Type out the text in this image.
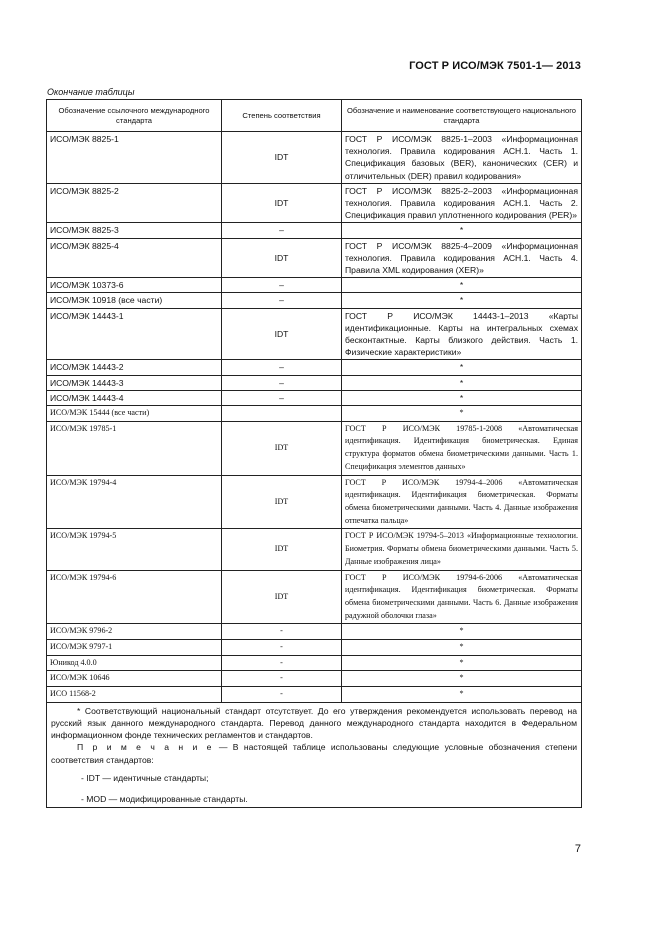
ГОСТ Р ИСО/МЭК 7501-1— 2013
Окончание таблицы
Обозначение ссылочного международного стандарта	Степень соответствия	Обозначение и наименование соответствующего национального стандарта
ИСО/МЭК 8825-1	IDT	ГОСТ Р ИСО/МЭК 8825-1–2003 «Информационная технология. Правила кодирования АСН.1. Часть 1. Спецификация базовых (BER), канонических (CER) и отличительных (DER) правил кодирования»
ИСО/МЭК 8825-2	IDT	ГОСТ Р ИСО/МЭК 8825-2–2003 «Информационная технология. Правила кодирования АСН.1. Часть 2. Спецификация правил уплотненного кодирования (PER)»
ИСО/МЭК 8825-3	–	*
ИСО/МЭК 8825-4	IDT	ГОСТ Р ИСО/МЭК 8825-4–2009 «Информационная технология. Правила кодирования АСН.1. Часть 4. Правила XML кодирования (XER)»
ИСО/МЭК 10373-6	–	*
ИСО/МЭК 10918 (все части)	–	*
ИСО/МЭК 14443-1	IDT	ГОСТ Р ИСО/МЭК 14443-1–2013 «Карты идентификационные. Карты на интегральных схемах бесконтактные. Карты близкого действия. Часть 1. Физические характеристики»
ИСО/МЭК 14443-2	–	*
ИСО/МЭК 14443-3	–	*
ИСО/МЭК 14443-4	–	*
ИСО/МЭК 15444 (все части)		*
ИСО/МЭК 19785-1	IDT	ГОСТ Р ИСО/МЭК 19785-1-2008 «Автоматическая идентификация. Идентификация биометрическая. Единая структура форматов обмена биометрическими данными. Часть 1. Спецификация элементов данных»
ИСО/МЭК 19794-4	IDT	ГОСТ Р ИСО/МЭК 19794-4–2006 «Автоматическая идентификация. Идентификация биометрическая. Форматы обмена биометрическими данными. Часть 4. Данные изображения отпечатка пальца»
ИСО/МЭК 19794-5	IDT	ГОСТ Р ИСО/МЭК 19794-5–2013 «Информационные технологии. Биометрия. Форматы обмена биометрическими данными. Часть 5. Данные изображения лица»
ИСО/МЭК 19794-6	IDT	ГОСТ Р ИСО/МЭК 19794-6-2006 «Автоматическая идентификация. Идентификация биометрическая. Форматы обмена биометрическими данными. Часть 6. Данные изображения радужной оболочки глаза»
ИСО/МЭК 9796-2	-	*
ИСО/МЭК 9797-1	-	*
Юникод 4.0.0	-	*
ИСО/МЭК 10646	-	*
ИСО 11568-2	-	*

* Соответствующий национальный стандарт отсутствует. До его утверждения рекомендуется использовать перевод на русский язык данного международного стандарта. Перевод данного международного стандарта находится в Федеральном информационном фонде технических регламентов и стандартов.

П р и м е ч а н и е — В настоящей таблице использованы следующие условные обозначения степени соответствия стандартов:

- IDT — идентичные стандарты;

- MOD — модифицированные стандарты.		

7
